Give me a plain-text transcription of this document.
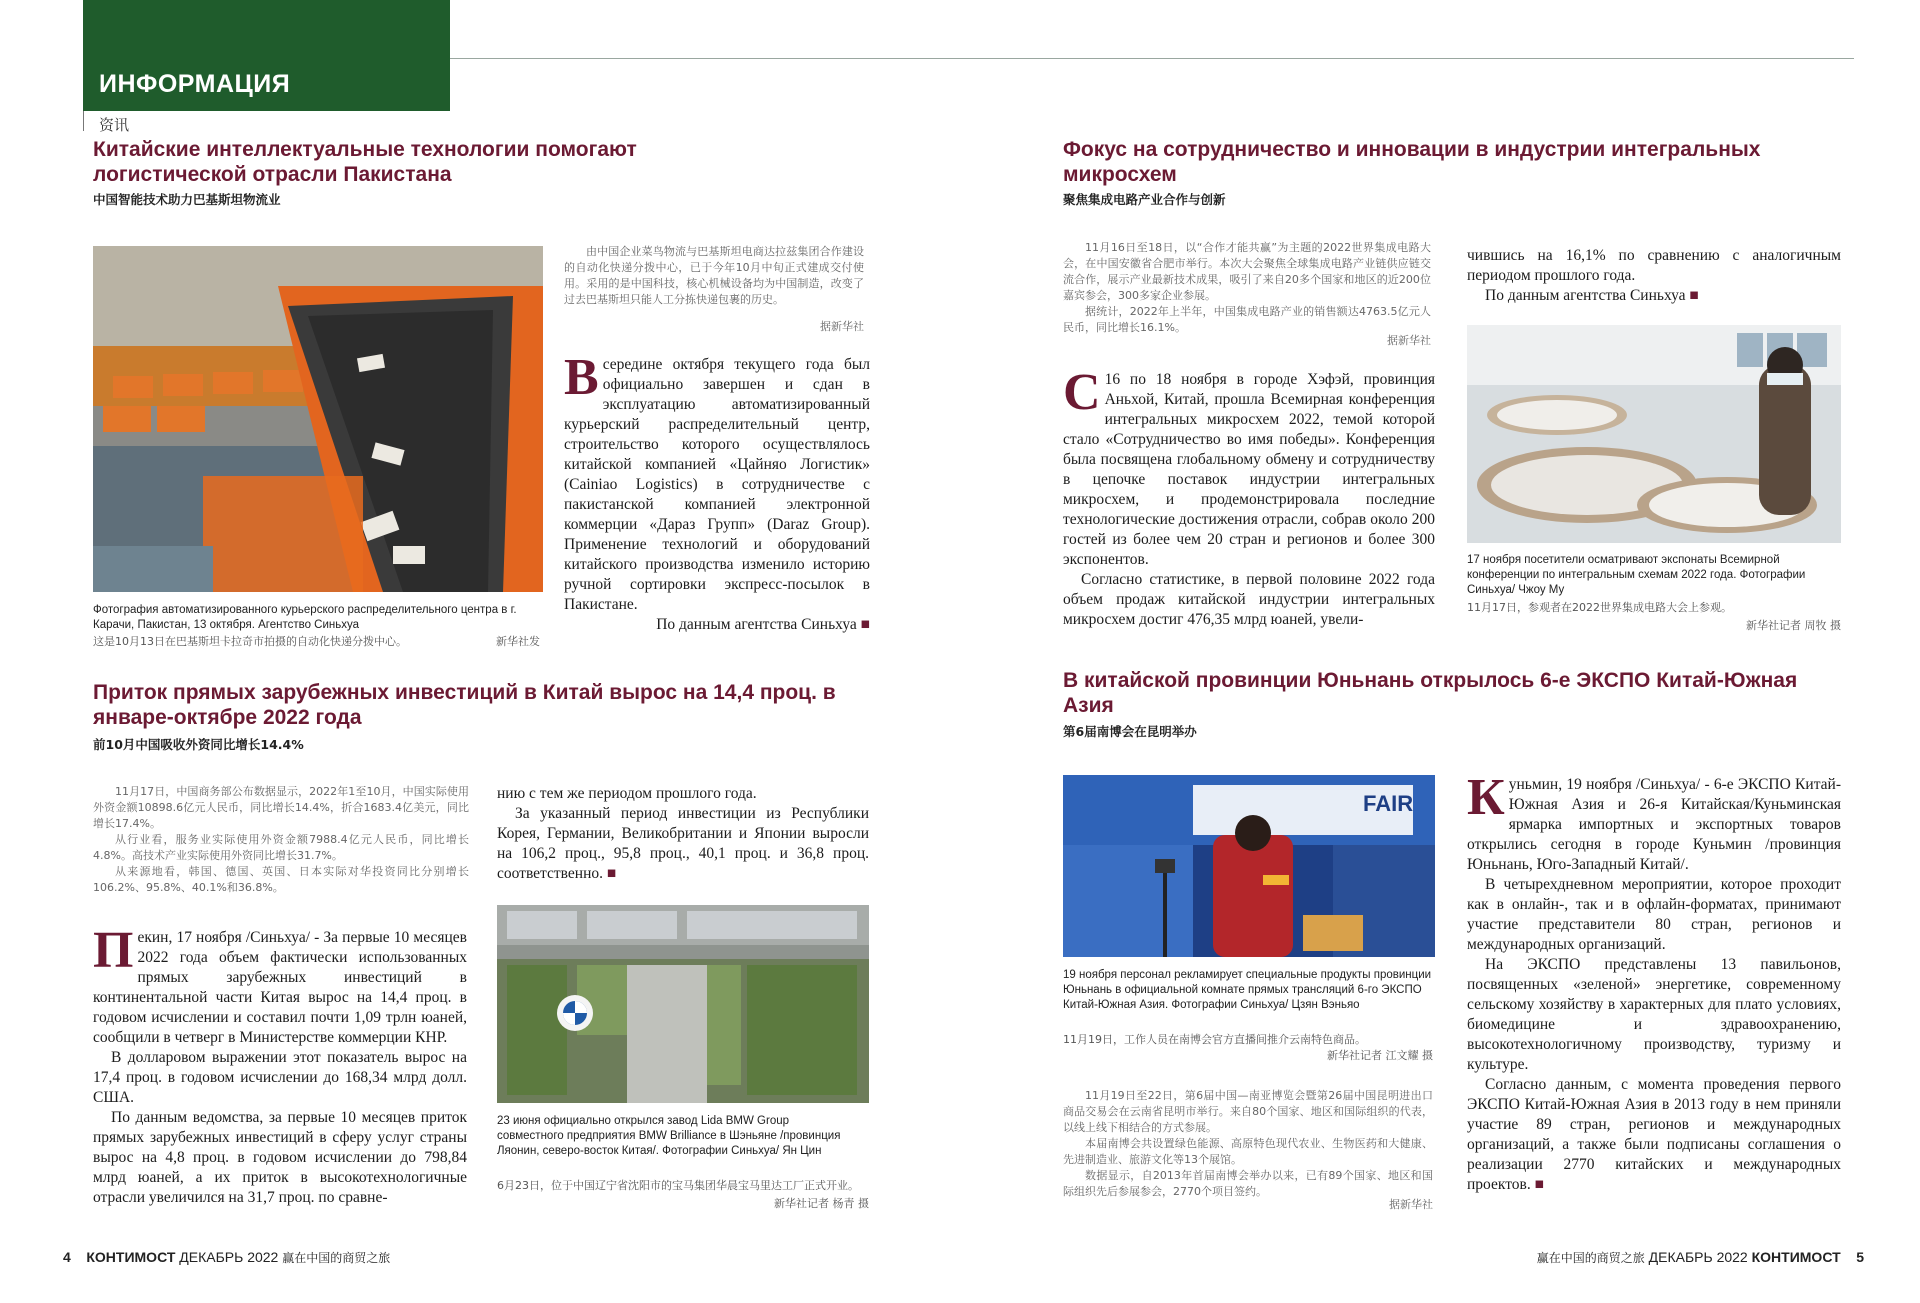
ИНФОРМАЦИЯ
资讯
Китайские интеллектуальные технологии помогают логистической отрасли Пакистана
中国智能技术助力巴基斯坦物流业

由中国企业菜鸟物流与巴基斯坦电商达拉兹集团合作建设的自动化快递分拨中心，已于今年10月中旬正式建成交付使用。采用的是中国科技，核心机械设备均为中国制造，改变了过去巴基斯坦只能人工分拣快递包裹的历史。

据新华社

Всередине октября текущего года был официально завершен и сдан в эксплуатацию автоматизированный курьерский распределительный центр, строительство которого осуществлялось китайской компанией «Цайняо Логистик» (Cainiao Logistics) в сотрудничестве с пакистанской компанией электронной коммерции «Дараз Групп» (Daraz Group). Применение технологий и оборудований китайского производства изменило историю ручной сортировки экспресс-посылок в Пакистане.

По данным агентства Синьхуа ■

Фотография автоматизированного курьерского распределительного центра в г. Карачи, Пакистан, 13 октября. Агентство Синьхуа
这是10月13日在巴基斯坦卡拉奇市拍摄的自动化快递分拨中心。	新华社发
Приток прямых зарубежных инвестиций в Китай вырос на 14,4 проц. в январе-октябре 2022 года
前10月中国吸收外资同比增长14.4%

11月17日，中国商务部公布数据显示，2022年1至10月，中国实际使用外资金额10898.6亿元人民币，同比增长14.4%，折合1683.4亿美元，同比增长17.4%。

从行业看，服务业实际使用外资金额7988.4亿元人民币，同比增长4.8%。高技术产业实际使用外资同比增长31.7%。

从来源地看，韩国、德国、英国、日本实际对华投资同比分别增长106.2%、95.8%、40.1%和36.8%。

Пекин, 17 ноября /Синьхуа/ - За первые 10 месяцев 2022 года объем фактически использованных прямых зарубежных инвестиций в континентальной части Китая вырос на 14,4 проц. в годовом исчислении и составил почти 1,09 трлн юаней, сообщили в четверг в Министерстве коммерции КНР.

В долларовом выражении этот показатель вырос на 17,4 проц. в годовом исчислении до 168,34 млрд долл. США.

По данным ведомства, за первые 10 месяцев приток прямых зарубежных инвестиций в сферу услуг страны вырос на 4,8 проц. в годовом исчислении до 798,84 млрд юаней, а их приток в высокотехнологичные отрасли увеличился на 31,7 проц. по сравне-

нию с тем же периодом прошлого года.

За указанный период инвестиции из Республики Корея, Германии, Великобритании и Японии выросли на 106,2 проц., 95,8 проц., 40,1 проц. и 36,8 проц. соответственно. ■

23 июня официально открылся завод Lida BMW Group совместного предприятия BMW Brilliance в Шэньяне /провинция Ляонин, северо-восток Китая/. Фотографии Синьхуа/ Ян Цин
6月23日，位于中国辽宁省沈阳市的宝马集团华晨宝马里达工厂正式开业。
新华社记者 杨青 摄
Фокус на сотрудничество и инновации в индустрии интегральных микросхем
聚焦集成电路产业合作与创新

11月16日至18日，以“合作才能共赢”为主题的2022世界集成电路大会，在中国安徽省合肥市举行。本次大会聚焦全球集成电路产业链供应链交流合作，展示产业最新技术成果，吸引了来自20多个国家和地区的近200位嘉宾参会，300多家企业参展。

据统计，2022年上半年，中国集成电路产业的销售额达4763.5亿元人民币，同比增长16.1%。

据新华社

С 16 по 18 ноября в городе Хэфэй, провинция Аньхой, Китай, прошла Всемирная конференция интегральных микросхем 2022, темой которой стало «Сотрудничество во имя победы». Конференция была посвящена глобальному обмену и сотрудничеству в цепочке поставок индустрии интегральных микросхем, и продемонстрировала последние технологические достижения отрасли, собрав около 200 гостей из более чем 20 стран и регионов и более 300 экспонентов.

Согласно статистике, в первой половине 2022 года объем продаж китайской индустрии интегральных микросхем достиг 476,35 млрд юаней, увели-

чившись на 16,1% по сравнению с аналогичным периодом прошлого года.

По данным агентства Синьхуа ■

17 ноября посетители осматривают экспонаты Всемирной конференции по интегральным схемам 2022 года. Фотографии Синьхуа/ Чжоу Му
11月17日，参观者在2022世界集成电路大会上参观。
新华社记者 周牧 摄
В китайской провинции Юньнань открылось 6-е ЭКСПО Китай-Южная Азия
第6届南博会在昆明举办
FAIR
19 ноября персонал рекламирует специальные продукты провинции Юньнань в официальной комнате прямых трансляций 6-го ЭКСПО Китай-Южная Азия. Фотографии Синьхуа/ Цзян Вэньяо
11月19日，工作人员在南博会官方直播间推介云南特色商品。
新华社记者 江文耀 摄

11月19日至22日，第6届中国—南亚博览会暨第26届中国昆明进出口商品交易会在云南省昆明市举行。来自80个国家、地区和国际组织的代表，以线上线下相结合的方式参展。

本届南博会共设置绿色能源、高原特色现代农业、生物医药和大健康、先进制造业、旅游文化等13个展馆。

数据显示，自2013年首届南博会举办以来，已有89个国家、地区和国际组织先后参展参会，2770个项目签约。

据新华社

Куньмин, 19 ноября /Синьхуа/ - 6-е ЭКСПО Китай-Южная Азия и 26-я Китайская/Куньминская ярмарка импортных и экспортных товаров открылись сегодня в городе Куньмин /провинция Юньнань, Юго-Западный Китай/.

В четырехдневном мероприятии, которое проходит как в онлайн-, так и в офлайн-форматах, принимают участие представители 80 стран, регионов и международных организаций.

На ЭКСПО представлены 13 павильонов, посвященных «зеленой» энергетике, современному сельскому хозяйству в характерных для плато условиях, биомедицине и здравоохранению, высокотехнологичному производству, туризму и культуре.

Согласно данным, с момента проведения первого ЭКСПО Китай-Южная Азия в 2013 году в нем приняли участие 89 стран, регионов и международных организаций, а также были подписаны соглашения о реализации 2770 китайских и международных проектов. ■

4 КОНТИМОСТ ДЕКАБРЬ 2022 赢在中国的商贸之旅	赢在中国的商贸之旅 ДЕКАБРЬ 2022 КОНТИМОСТ 5
